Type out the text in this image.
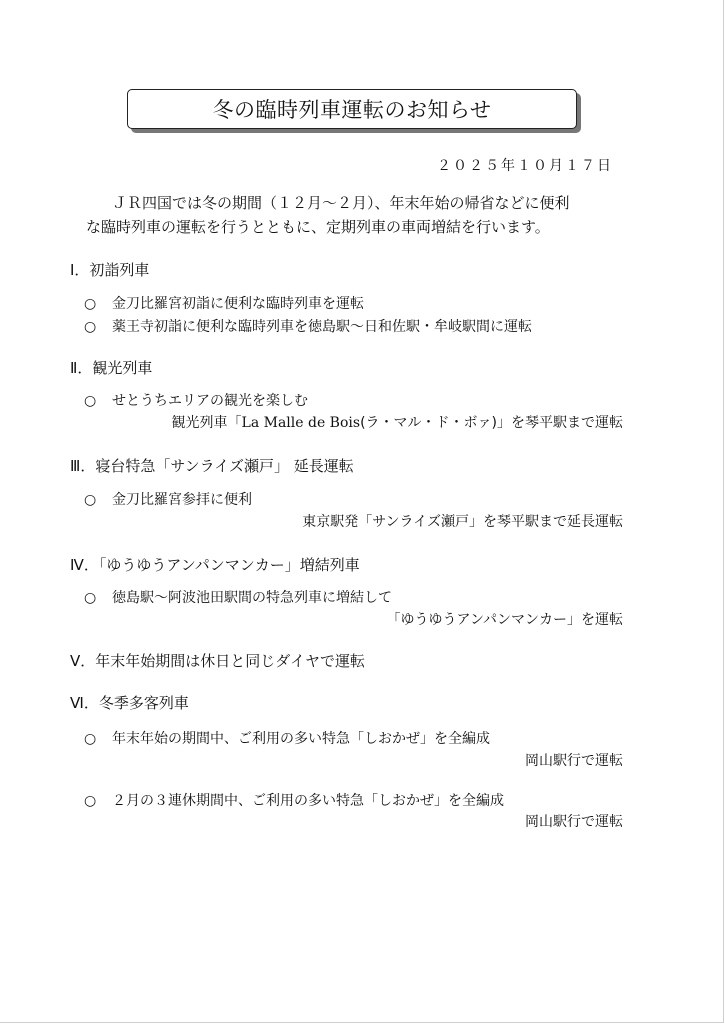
冬の臨時列車運転のお知らせ
２０２５年１０月１７日
ＪＲ四国では冬の期間（１２月～２月）、年末年始の帰省などに便利
な臨時列車の運転を行うとともに、定期列車の車両増結を行います。
Ⅰ．初詣列車
○ 金刀比羅宮初詣に便利な臨時列車を運転
○ 薬王寺初詣に便利な臨時列車を徳島駅～日和佐駅・牟岐駅間に運転
Ⅱ．観光列車
○ せとうちエリアの観光を楽しむ
観光列車「La Malle de Bois(ラ・マル・ド・ボァ)」を琴平駅まで運転
Ⅲ．寝台特急「サンライズ瀬戸」 延長運転
○ 金刀比羅宮参拝に便利
東京駅発「サンライズ瀬戸」を琴平駅まで延長運転
Ⅳ．「ゆうゆうアンパンマンカー」増結列車
○ 徳島駅～阿波池田駅間の特急列車に増結して
「ゆうゆうアンパンマンカー」を運転
Ⅴ．年末年始期間は休日と同じダイヤで運転
Ⅵ．冬季多客列車
○ 年末年始の期間中、ご利用の多い特急「しおかぜ」を全編成
岡山駅行で運転
○ ２月の３連休期間中、ご利用の多い特急「しおかぜ」を全編成
岡山駅行で運転
